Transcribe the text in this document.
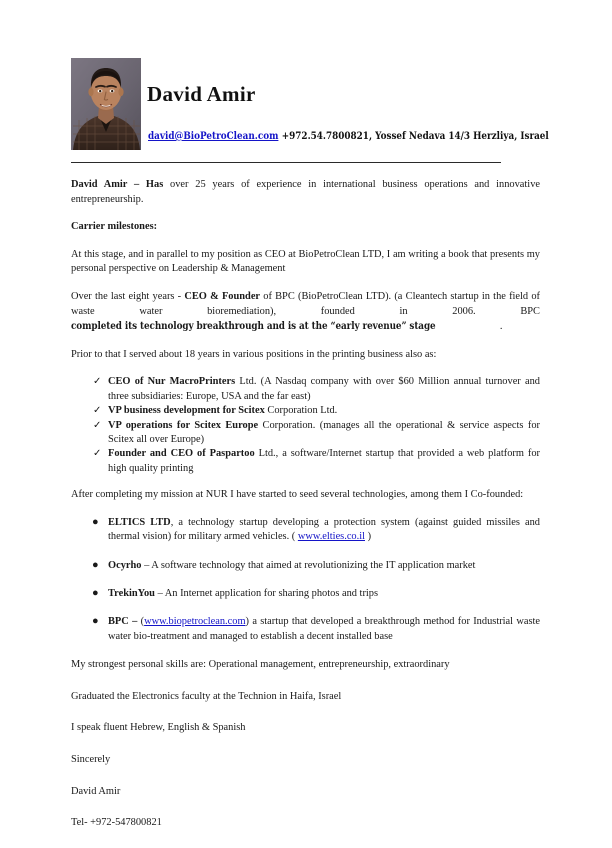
David Amir
david@BioPetroClean.com +972.54.7800821, Yossef Nedava 14/3 Herzliya, Israel

David Amir – Has over 25 years of experience in international business operations and innovative entrepreneurship.

Carrier milestones:

At this stage, and in parallel to my position as CEO at BioPetroClean LTD, I am writing a book that presents my personal perspective on Leadership & Management

Over the last eight years - CEO & Founder of BPC (BioPetroClean LTD). (a Cleantech startup in the field of waste water bioremediation), founded in 2006. BPC completed its technology breakthrough and is at the “early revenue” stage	.

Prior to that I served about 18 years in various positions in the printing business also as:

✓ CEO of Nur MacroPrinters Ltd. (A Nasdaq company with over $60 Million annual turnover and three subsidiaries: Europe, USA and the far east)
✓ VP business development for Scitex Corporation Ltd.
✓ VP operations for Scitex Europe Corporation. (manages all the operational & service aspects for Scitex all over Europe)
✓ Founder and CEO of Paspartoo Ltd., a software/Internet startup that provided a web platform for high quality printing

After completing my mission at NUR I have started to seed several technologies, among them I Co-founded:

● ELTICS LTD, a technology startup developing a protection system (against guided missiles and thermal vision) for military armed vehicles. ( www.elties.co.il )
● Ocyrho – A software technology that aimed at revolutionizing the IT application market
● TrekinYou – An Internet application for sharing photos and trips
● BPC – (www.biopetroclean.com) a startup that developed a breakthrough method for Industrial waste water bio-treatment and managed to establish a decent installed base

My strongest personal skills are: Operational management, entrepreneurship, extraordinary

Graduated the Electronics faculty at the Technion in Haifa, Israel

I speak fluent Hebrew, English & Spanish

Sincerely

David Amir

Tel- +972-547800821
